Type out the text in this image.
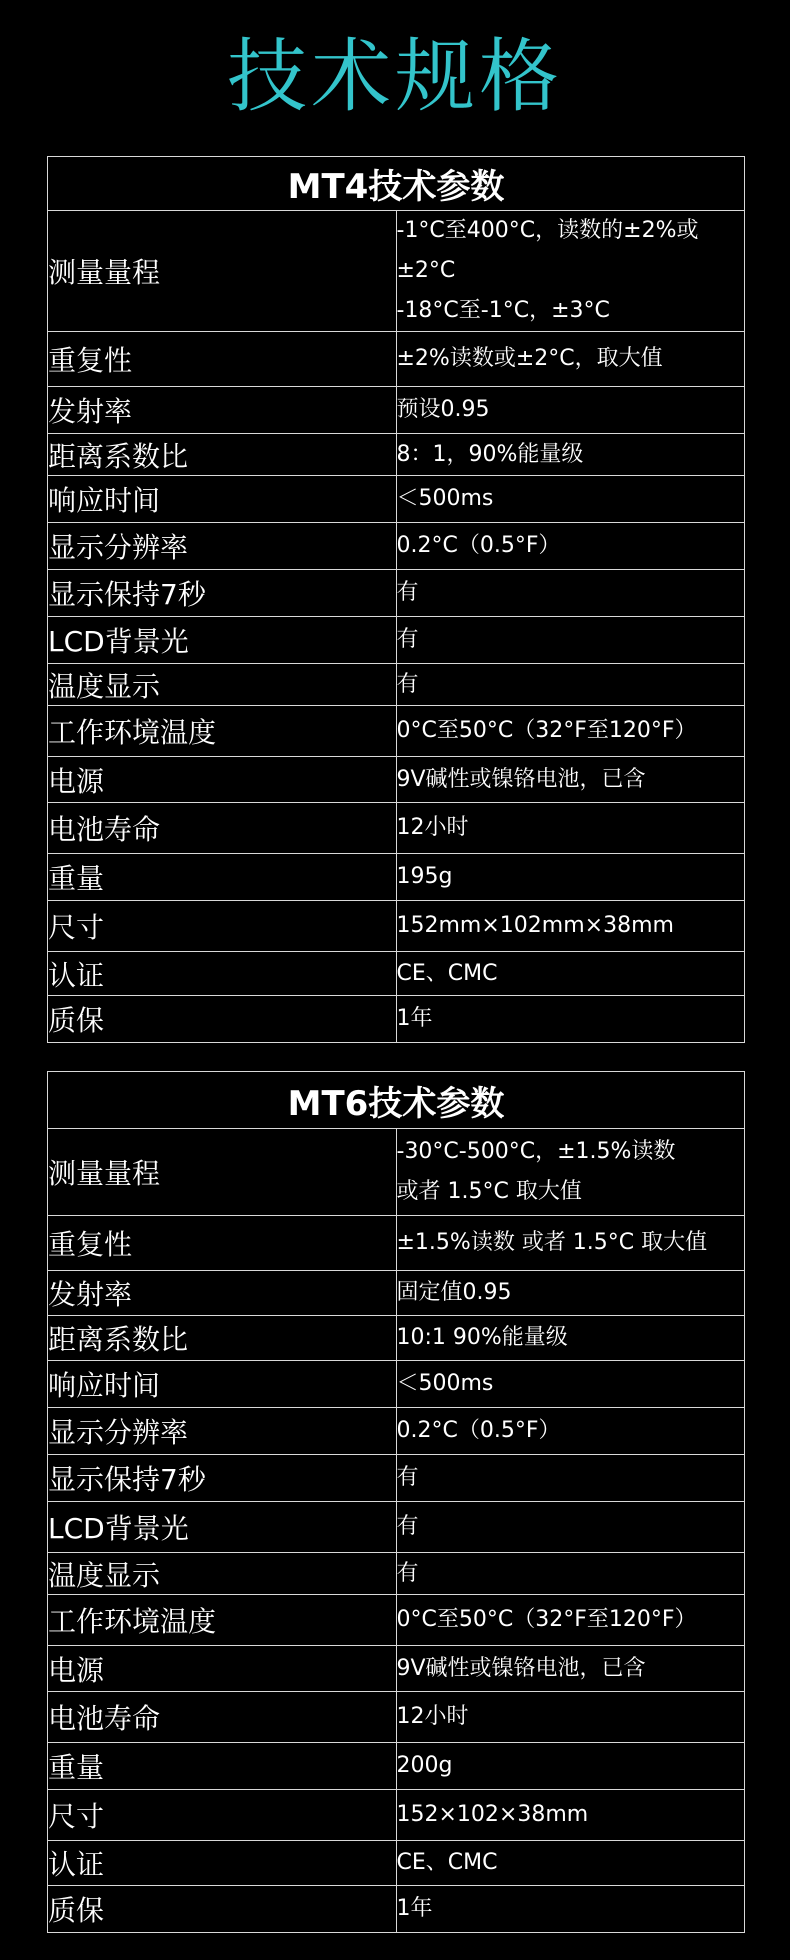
技术规格
MT4技术参数	
测量量程	-1°C至400°C，读数的±2%或±2°C
-18°C至-1°C，±3°C

重复性	±2%读数或±2°C，取大值

发射率	预设0.95

距离系数比	8：1，90%能量级

响应时间	＜500ms

显示分辨率	0.2°C（0.5°F）

显示保持7秒	有

LCD背景光	有

温度显示	有

工作环境温度	0°C至50°C（32°F至120°F）

电源	9V碱性或镍铬电池，已含

电池寿命	12小时

重量	195g

尺寸	152mm×102mm×38mm

认证	CE、CMC

质保	1年
MT6技术参数	
测量量程	-30°C-500°C，±1.5%读数
或者 1.5°C 取大值

重复性	±1.5%读数 或者 1.5°C 取大值

发射率	固定值0.95

距离系数比	10:1 90%能量级

响应时间	＜500ms

显示分辨率	0.2°C（0.5°F）

显示保持7秒	有

LCD背景光	有

温度显示	有

工作环境温度	0°C至50°C（32°F至120°F）

电源	9V碱性或镍铬电池，已含

电池寿命	12小时

重量	200g

尺寸	152×102×38mm

认证	CE、CMC

质保	1年
